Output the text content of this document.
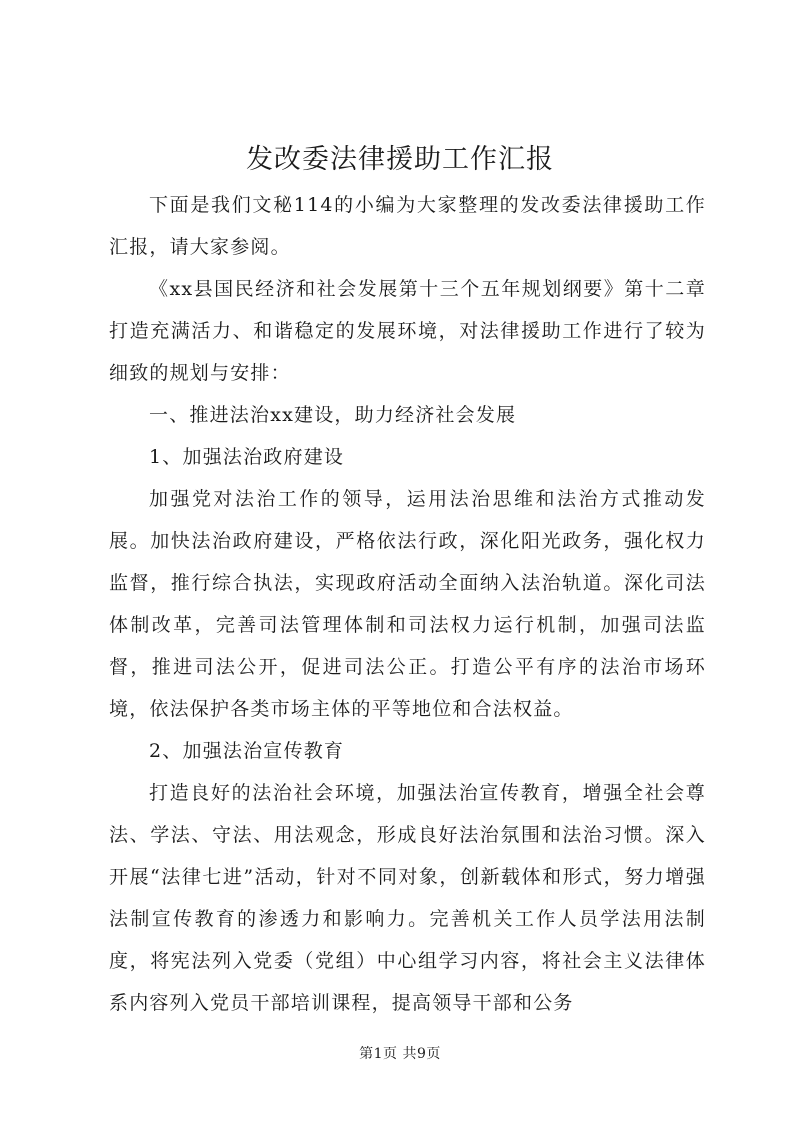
发改委法律援助工作汇报

下面是我们文秘114的小编为大家整理的发改委法律援助工作汇报，请大家参阅。

《xx县国民经济和社会发展第十三个五年规划纲要》第十二章打造充满活力、和谐稳定的发展环境，对法律援助工作进行了较为细致的规划与安排：

一、推进法治xx建设，助力经济社会发展

1、加强法治政府建设

加强党对法治工作的领导，运用法治思维和法治方式推动发展。加快法治政府建设，严格依法行政，深化阳光政务，强化权力监督，推行综合执法，实现政府活动全面纳入法治轨道。深化司法体制改革，完善司法管理体制和司法权力运行机制，加强司法监督，推进司法公开，促进司法公正。打造公平有序的法治市场环境，依法保护各类市场主体的平等地位和合法权益。

2、加强法治宣传教育

打造良好的法治社会环境，加强法治宣传教育，增强全社会尊法、学法、守法、用法观念，形成良好法治氛围和法治习惯。深入开展“法律七进”活动，针对不同对象，创新载体和形式，努力增强法制宣传教育的渗透力和影响力。完善机关工作人员学法用法制度，将宪法列入党委（党组）中心组学习内容，将社会主义法律体系内容列入党员干部培训课程，提高领导干部和公务

第1页 共9页
